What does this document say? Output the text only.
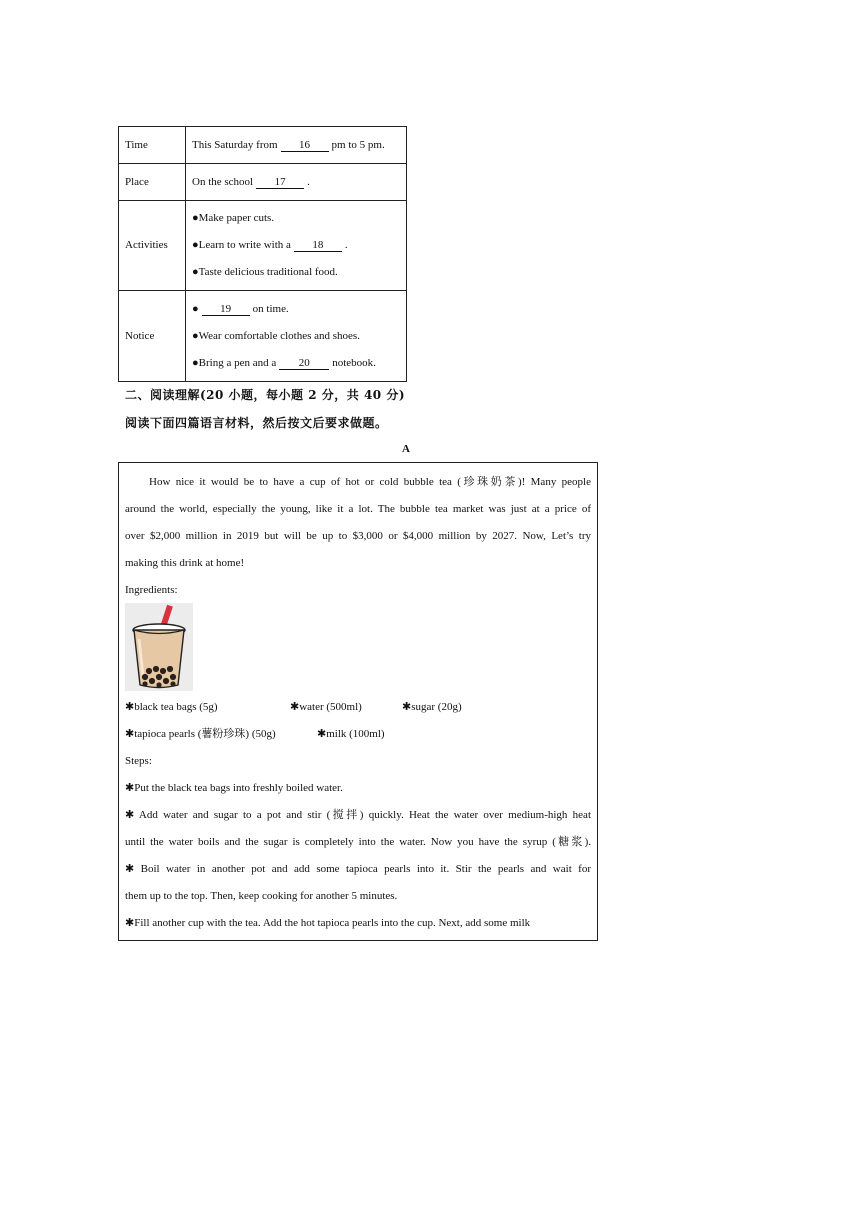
Time	This Saturday from 16 pm to 5 pm.
Place	On the school 17 .
Activities	●Make paper cuts.
●Learn to write with a 18 .
●Taste delicious traditional food.

Notice	● 19 on time.
●Wear comfortable clothes and shoes.
●Bring a pen and a 20 notebook.
二、阅读理解(20 小题，每小题 2 分，共 40 分)
阅读下面四篇语言材料，然后按文后要求做题。
A
How nice it would be to have a cup of hot or cold bubble tea (珍珠奶茶)! Many people
around the world, especially the young, like it a lot. The bubble tea market was just at a price of
over $2,000 million in 2019 but will be up to $3,000 or $4,000 million by 2027. Now, Let’s try
making this drink at home!
Ingredients:
✱black tea bags (5g)	✱water (500ml)	✱sugar (20g)
✱tapioca pearls (薯粉珍珠) (50g)	✱milk (100ml)
Steps:
✱Put the black tea bags into freshly boiled water.
✱ Add water and sugar to a pot and stir (搅拌) quickly. Heat the water over medium-high heat
until the water boils and the sugar is completely into the water. Now you have the syrup (糖浆).
✱ Boil water in another pot and add some tapioca pearls into it. Stir the pearls and wait for
them up to the top. Then, keep cooking for another 5 minutes.
✱Fill another cup with the tea. Add the hot tapioca pearls into the cup. Next, add some milk
